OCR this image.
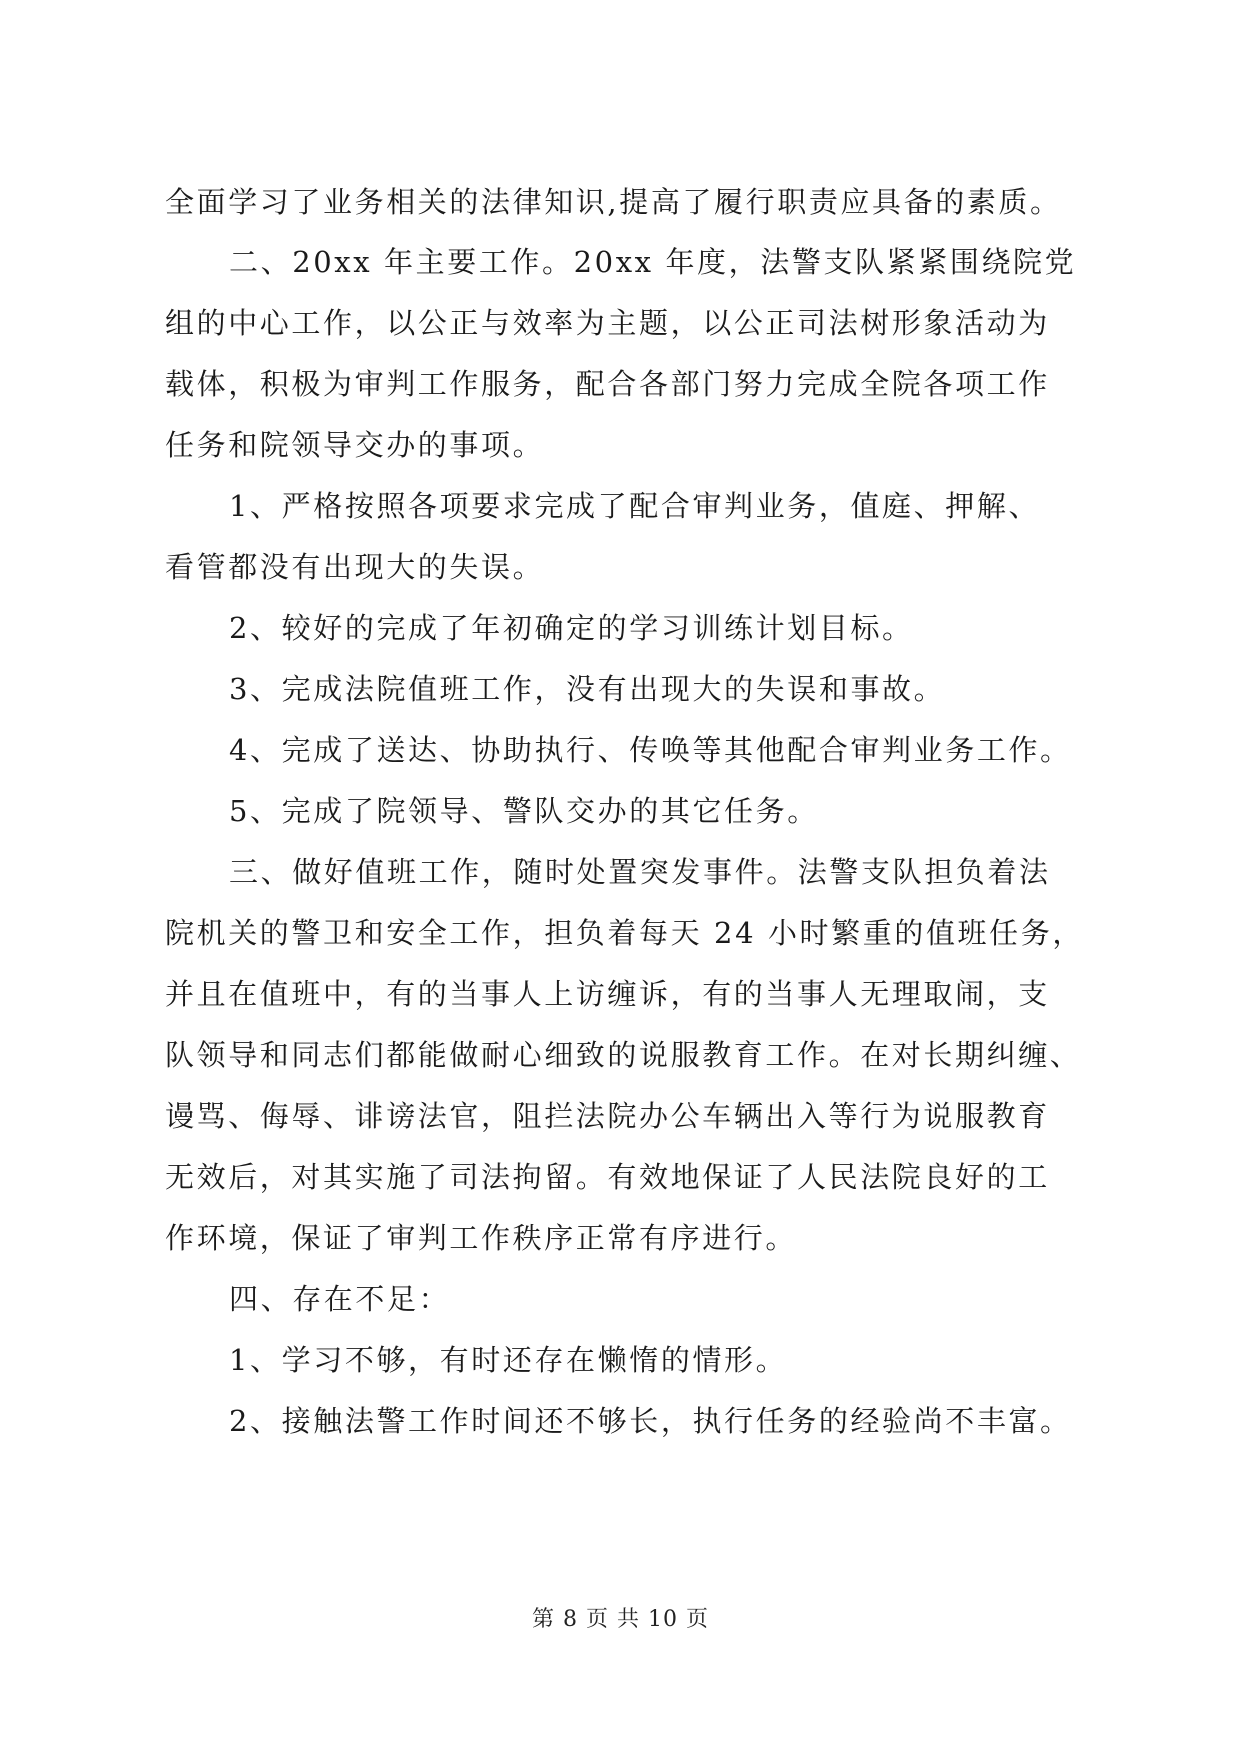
全面学习了业务相关的法律知识,提高了履行职责应具备的素质。
二、20xx 年主要工作。20xx 年度，法警支队紧紧围绕院党
组的中心工作，以公正与效率为主题，以公正司法树形象活动为
载体，积极为审判工作服务，配合各部门努力完成全院各项工作
任务和院领导交办的事项。
1、严格按照各项要求完成了配合审判业务，值庭、押解、
看管都没有出现大的失误。
2、较好的完成了年初确定的学习训练计划目标。
3、完成法院值班工作，没有出现大的失误和事故。
4、完成了送达、协助执行、传唤等其他配合审判业务工作。
5、完成了院领导、警队交办的其它任务。
三、做好值班工作，随时处置突发事件。法警支队担负着法
院机关的警卫和安全工作，担负着每天 24 小时繁重的值班任务，
并且在值班中，有的当事人上访缠诉，有的当事人无理取闹，支
队领导和同志们都能做耐心细致的说服教育工作。在对长期纠缠、
谩骂、侮辱、诽谤法官，阻拦法院办公车辆出入等行为说服教育
无效后，对其实施了司法拘留。有效地保证了人民法院良好的工
作环境，保证了审判工作秩序正常有序进行。
四、存在不足：
1、学习不够，有时还存在懒惰的情形。
2、接触法警工作时间还不够长，执行任务的经验尚不丰富。
第 8 页 共 10 页
